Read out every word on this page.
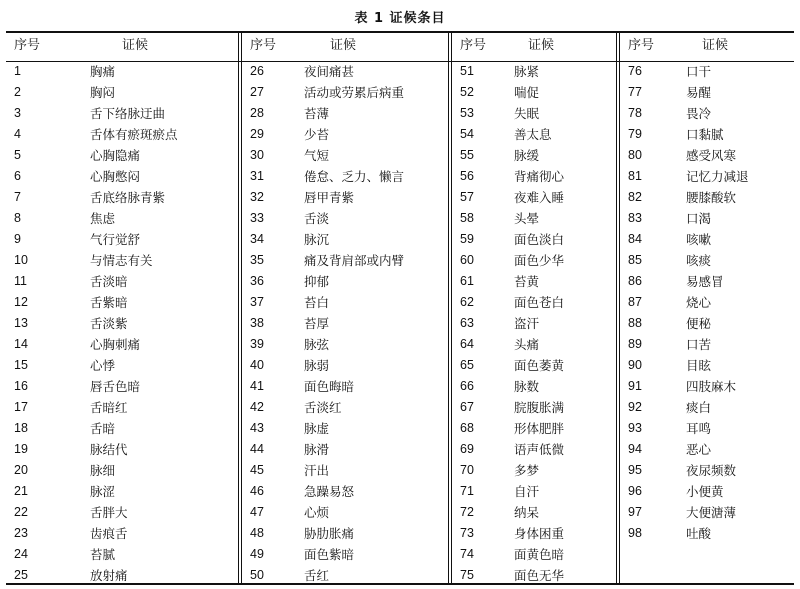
表 1 证候条目
序号	证候
1	胸痛
2	胸闷
3	舌下络脉迂曲
4	舌体有瘀斑瘀点
5	心胸隐痛
6	心胸憋闷
7	舌底络脉青紫
8	焦虑
9	气行觉舒
10	与情志有关
11	舌淡暗
12	舌紫暗
13	舌淡紫
14	心胸刺痛
15	心悸
16	唇舌色暗
17	舌暗红
18	舌暗
19	脉结代
20	脉细
21	脉涩
22	舌胖大
23	齿痕舌
24	苔腻
25	放射痛
序号	证候
26	夜间痛甚
27	活动或劳累后病重
28	苔薄
29	少苔
30	气短
31	倦怠、乏力、懒言
32	唇甲青紫
33	舌淡
34	脉沉
35	痛及背肩部或内臂
36	抑郁
37	苔白
38	苔厚
39	脉弦
40	脉弱
41	面色晦暗
42	舌淡红
43	脉虚
44	脉滑
45	汗出
46	急躁易怒
47	心烦
48	胁肋胀痛
49	面色紫暗
50	舌红
序号	证候
51	脉紧
52	喘促
53	失眠
54	善太息
55	脉缓
56	背痛彻心
57	夜难入睡
58	头晕
59	面色淡白
60	面色少华
61	苔黄
62	面色苍白
63	盗汗
64	头痛
65	面色萎黄
66	脉数
67	脘腹胀满
68	形体肥胖
69	语声低微
70	多梦
71	自汗
72	纳呆
73	身体困重
74	面黄色暗
75	面色无华
序号	证候
76	口干
77	易醒
78	畏冷
79	口黏腻
80	感受风寒
81	记忆力减退
82	腰膝酸软
83	口渴
84	咳嗽
85	咳痰
86	易感冒
87	烧心
88	便秘
89	口苦
90	目眩
91	四肢麻木
92	痰白
93	耳鸣
94	恶心
95	夜尿频数
96	小便黄
97	大便溏薄
98	吐酸
